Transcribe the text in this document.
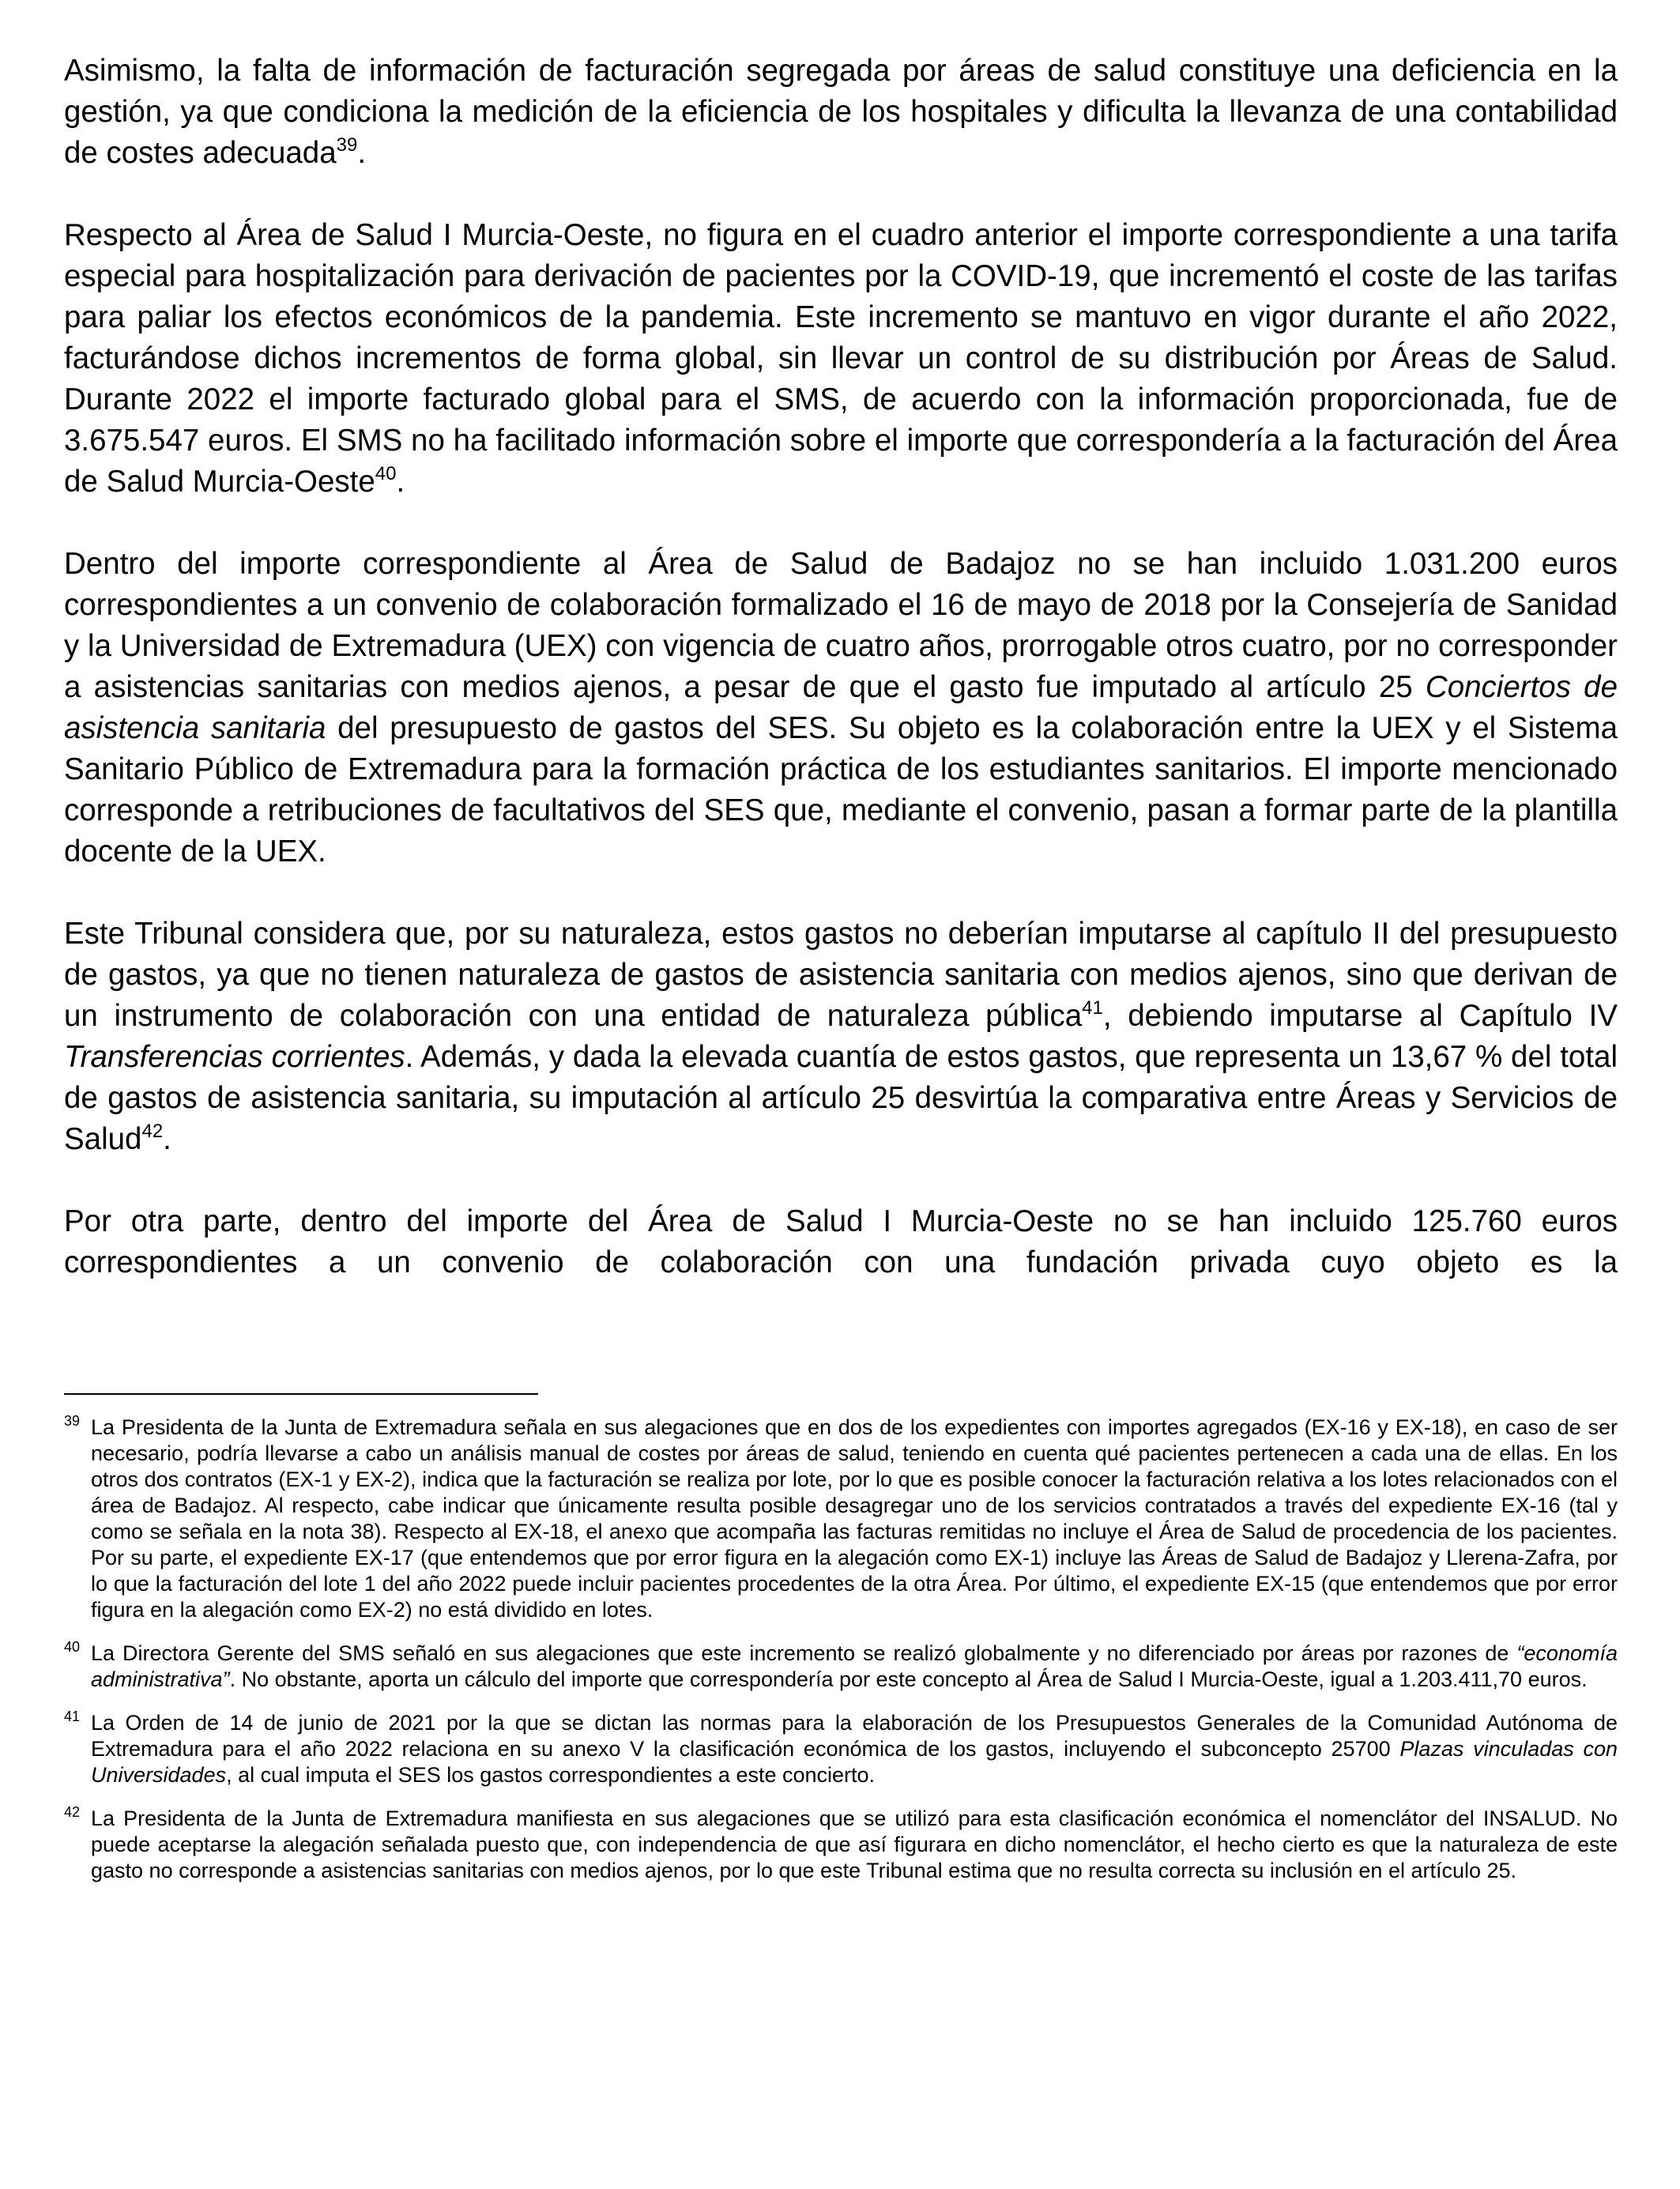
Asimismo, la falta de información de facturación segregada por áreas de salud constituye una deficiencia en la gestión, ya que condiciona la medición de la eficiencia de los hospitales y dificulta la llevanza de una contabilidad de costes adecuada$^{39}$.

Respecto al Área de Salud I Murcia-Oeste, no figura en el cuadro anterior el importe correspondiente a una tarifa especial para hospitalización para derivación de pacientes por la COVID-19, que incrementó el coste de las tarifas para paliar los efectos económicos de la pandemia. Este incremento se mantuvo en vigor durante el año 2022, facturándose dichos incrementos de forma global, sin llevar un control de su distribución por Áreas de Salud. Durante 2022 el importe facturado global para el SMS, de acuerdo con la información proporcionada, fue de 3.675.547 euros. El SMS no ha facilitado información sobre el importe que correspondería a la facturación del Área de Salud Murcia-Oeste$^{40}$.

Dentro del importe correspondiente al Área de Salud de Badajoz no se han incluido 1.031.200 euros correspondientes a un convenio de colaboración formalizado el 16 de mayo de 2018 por la Consejería de Sanidad y la Universidad de Extremadura (UEX) con vigencia de cuatro años, prorrogable otros cuatro, por no corresponder a asistencias sanitarias con medios ajenos, a pesar de que el gasto fue imputado al artículo 25 Conciertos de asistencia sanitaria del presupuesto de gastos del SES. Su objeto es la colaboración entre la UEX y el Sistema Sanitario Público de Extremadura para la formación práctica de los estudiantes sanitarios. El importe mencionado corresponde a retribuciones de facultativos del SES que, mediante el convenio, pasan a formar parte de la plantilla docente de la UEX.

Este Tribunal considera que, por su naturaleza, estos gastos no deberían imputarse al capítulo II del presupuesto de gastos, ya que no tienen naturaleza de gastos de asistencia sanitaria con medios ajenos, sino que derivan de un instrumento de colaboración con una entidad de naturaleza pública$^{41}$, debiendo imputarse al Capítulo IV Transferencias corrientes. Además, y dada la elevada cuantía de estos gastos, que representa un 13,67 % del total de gastos de asistencia sanitaria, su imputación al artículo 25 desvirtúa la comparativa entre Áreas y Servicios de Salud$^{42}$.

Por otra parte, dentro del importe del Área de Salud I Murcia-Oeste no se han incluido 125.760 euros correspondientes a un convenio de colaboración con una fundación privada cuyo objeto es la

39 La Presidenta de la Junta de Extremadura señala en sus alegaciones que en dos de los expedientes con importes agregados (EX-16 y EX-18), en caso de ser necesario, podría llevarse a cabo un análisis manual de costes por áreas de salud, teniendo en cuenta qué pacientes pertenecen a cada una de ellas. En los otros dos contratos (EX-1 y EX-2), indica que la facturación se realiza por lote, por lo que es posible conocer la facturación relativa a los lotes relacionados con el área de Badajoz. Al respecto, cabe indicar que únicamente resulta posible desagregar uno de los servicios contratados a través del expediente EX-16 (tal y como se señala en la nota 38). Respecto al EX-18, el anexo que acompaña las facturas remitidas no incluye el Área de Salud de procedencia de los pacientes. Por su parte, el expediente EX-17 (que entendemos que por error figura en la alegación como EX-1) incluye las Áreas de Salud de Badajoz y Llerena-Zafra, por lo que la facturación del lote 1 del año 2022 puede incluir pacientes procedentes de la otra Área. Por último, el expediente EX-15 (que entendemos que por error figura en la alegación como EX-2) no está dividido en lotes.
40 La Directora Gerente del SMS señaló en sus alegaciones que este incremento se realizó globalmente y no diferenciado por áreas por razones de “economía administrativa”. No obstante, aporta un cálculo del importe que correspondería por este concepto al Área de Salud I Murcia-Oeste, igual a 1.203.411,70 euros.
41 La Orden de 14 de junio de 2021 por la que se dictan las normas para la elaboración de los Presupuestos Generales de la Comunidad Autónoma de Extremadura para el año 2022 relaciona en su anexo V la clasificación económica de los gastos, incluyendo el subconcepto 25700 Plazas vinculadas con Universidades, al cual imputa el SES los gastos correspondientes a este concierto.
42 La Presidenta de la Junta de Extremadura manifiesta en sus alegaciones que se utilizó para esta clasificación económica el nomenclátor del INSALUD. No puede aceptarse la alegación señalada puesto que, con independencia de que así figurara en dicho nomenclátor, el hecho cierto es que la naturaleza de este gasto no corresponde a asistencias sanitarias con medios ajenos, por lo que este Tribunal estima que no resulta correcta su inclusión en el artículo 25.
